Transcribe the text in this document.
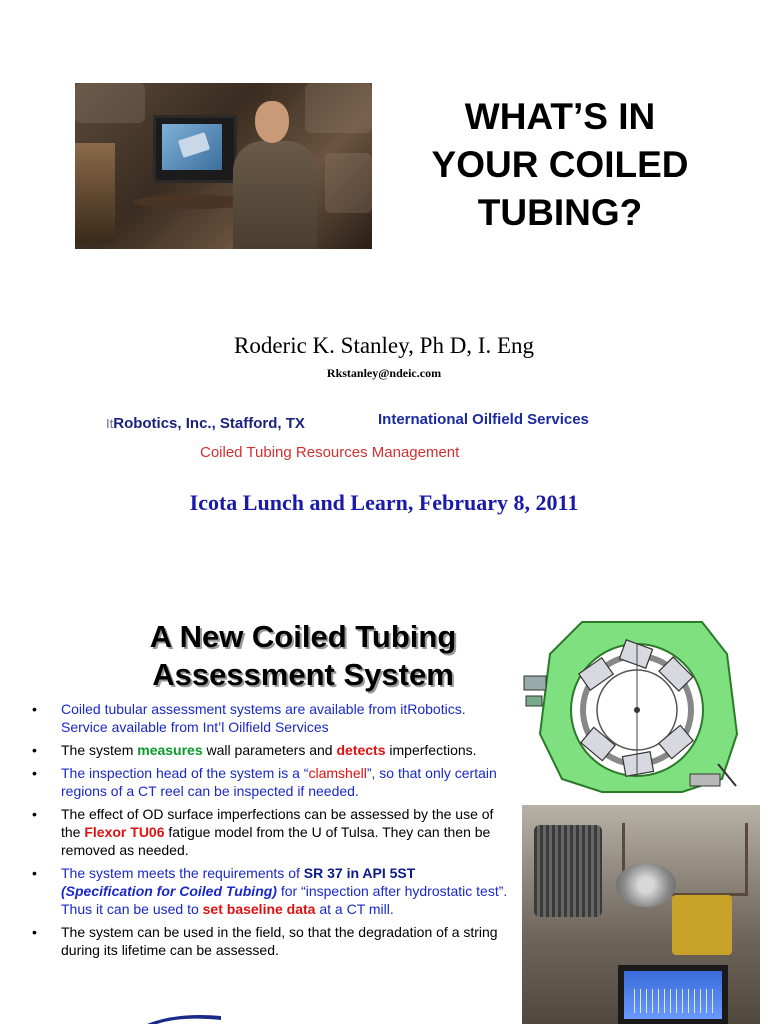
WHAT’S IN
YOUR COILED
TUBING?
Roderic K. Stanley, Ph D, I. Eng
Rkstanley@ndeic.com
ItRobotics, Inc., Stafford, TX	International Oilfield Services
Coiled Tubing Resources Management
Icota Lunch and Learn, February 8, 2011
A New Coiled Tubing
Assessment System
• Coiled tubular assessment systems are available from itRobotics. Service available from Int’l Oilfield Services
• The system measures wall parameters and detects imperfections.
• The inspection head of the system is a “clamshell”, so that only certain regions of a CT reel can be inspected if needed.
• The effect of OD surface imperfections can be assessed by the use of the Flexor TU06 fatigue model from the U of Tulsa. They can then be removed as needed.
• The system meets the requirements of SR 37 in API 5ST
(Specification for Coiled Tubing) for “inspection after hydrostatic test”. Thus it can be used to set baseline data at a CT mill.
• The system can be used in the field, so that the degradation of a string during its lifetime can be assessed.
